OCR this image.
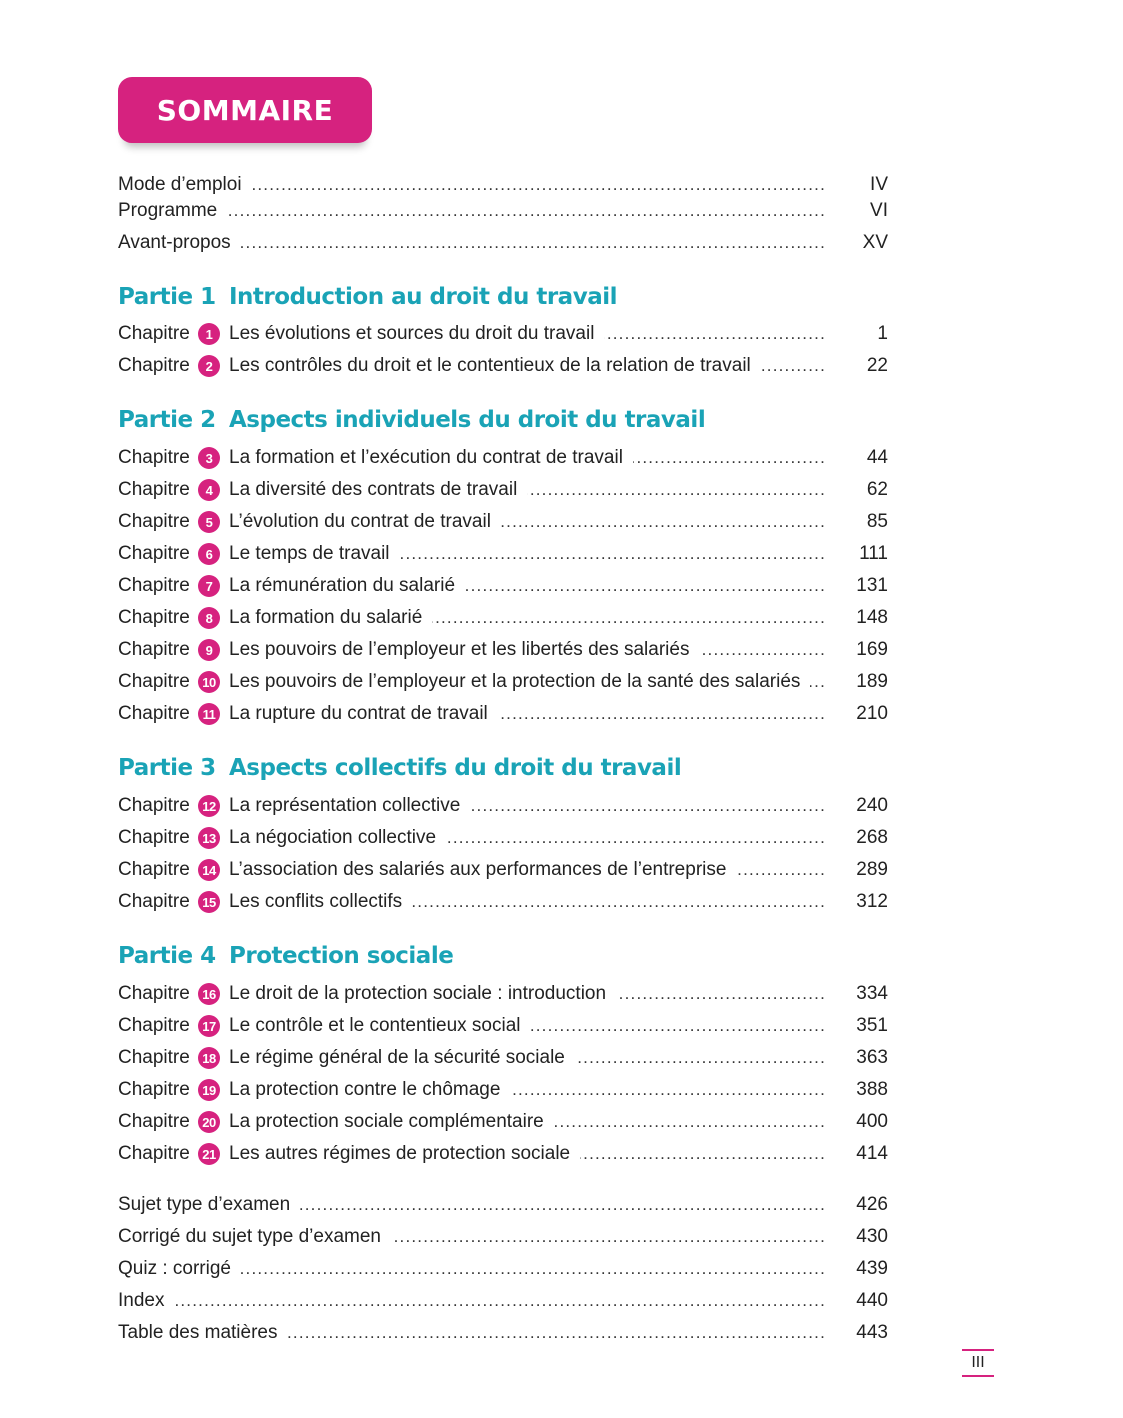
SOMMAIRE
Mode d’emploi .....	IV
Programme .....	VI
Avant-propos .....	XV
Partie 1 Introduction au droit du travail
Chapitre	1 Les évolutions et sources du droit du travail .....	1
Chapitre	2 Les contrôles du droit et le contentieux de la relation de travail .....	22
Partie 2 Aspects individuels du droit du travail
Chapitre	3 La formation et l’exécution du contrat de travail .....	44
Chapitre	4 La diversité des contrats de travail .....	62
Chapitre	5 L’évolution du contrat de travail .....	85
Chapitre	6 Le temps de travail .....	111
Chapitre	7 La rémunération du salarié .....	131
Chapitre	8 La formation du salarié .....	148
Chapitre	9 Les pouvoirs de l’employeur et les libertés des salariés .....	169
Chapitre 10 Les pouvoirs de l’employeur et la protection de la santé des salariés .....	189
Chapitre 11 La rupture du contrat de travail .....	210
Partie 3 Aspects collectifs du droit du travail
Chapitre 12 La représentation collective .....	240
Chapitre 13 La négociation collective .....	268
Chapitre 14 L’association des salariés aux performances de l’entreprise .....	289
Chapitre 15 Les conflits collectifs .....	312
Partie 4 Protection sociale
Chapitre 16 Le droit de la protection sociale : introduction .....	334
Chapitre 17 Le contrôle et le contentieux social .....	351
Chapitre 18 Le régime général de la sécurité sociale .....	363
Chapitre 19 La protection contre le chômage .....	388
Chapitre 20 La protection sociale complémentaire .....	400
Chapitre 21 Les autres régimes de protection sociale .....	414
Sujet type d’examen .....	426
Corrigé du sujet type d’examen .....	430
Quiz : corrigé .....	439
Index .....	440
Table des matières .....	443
III
